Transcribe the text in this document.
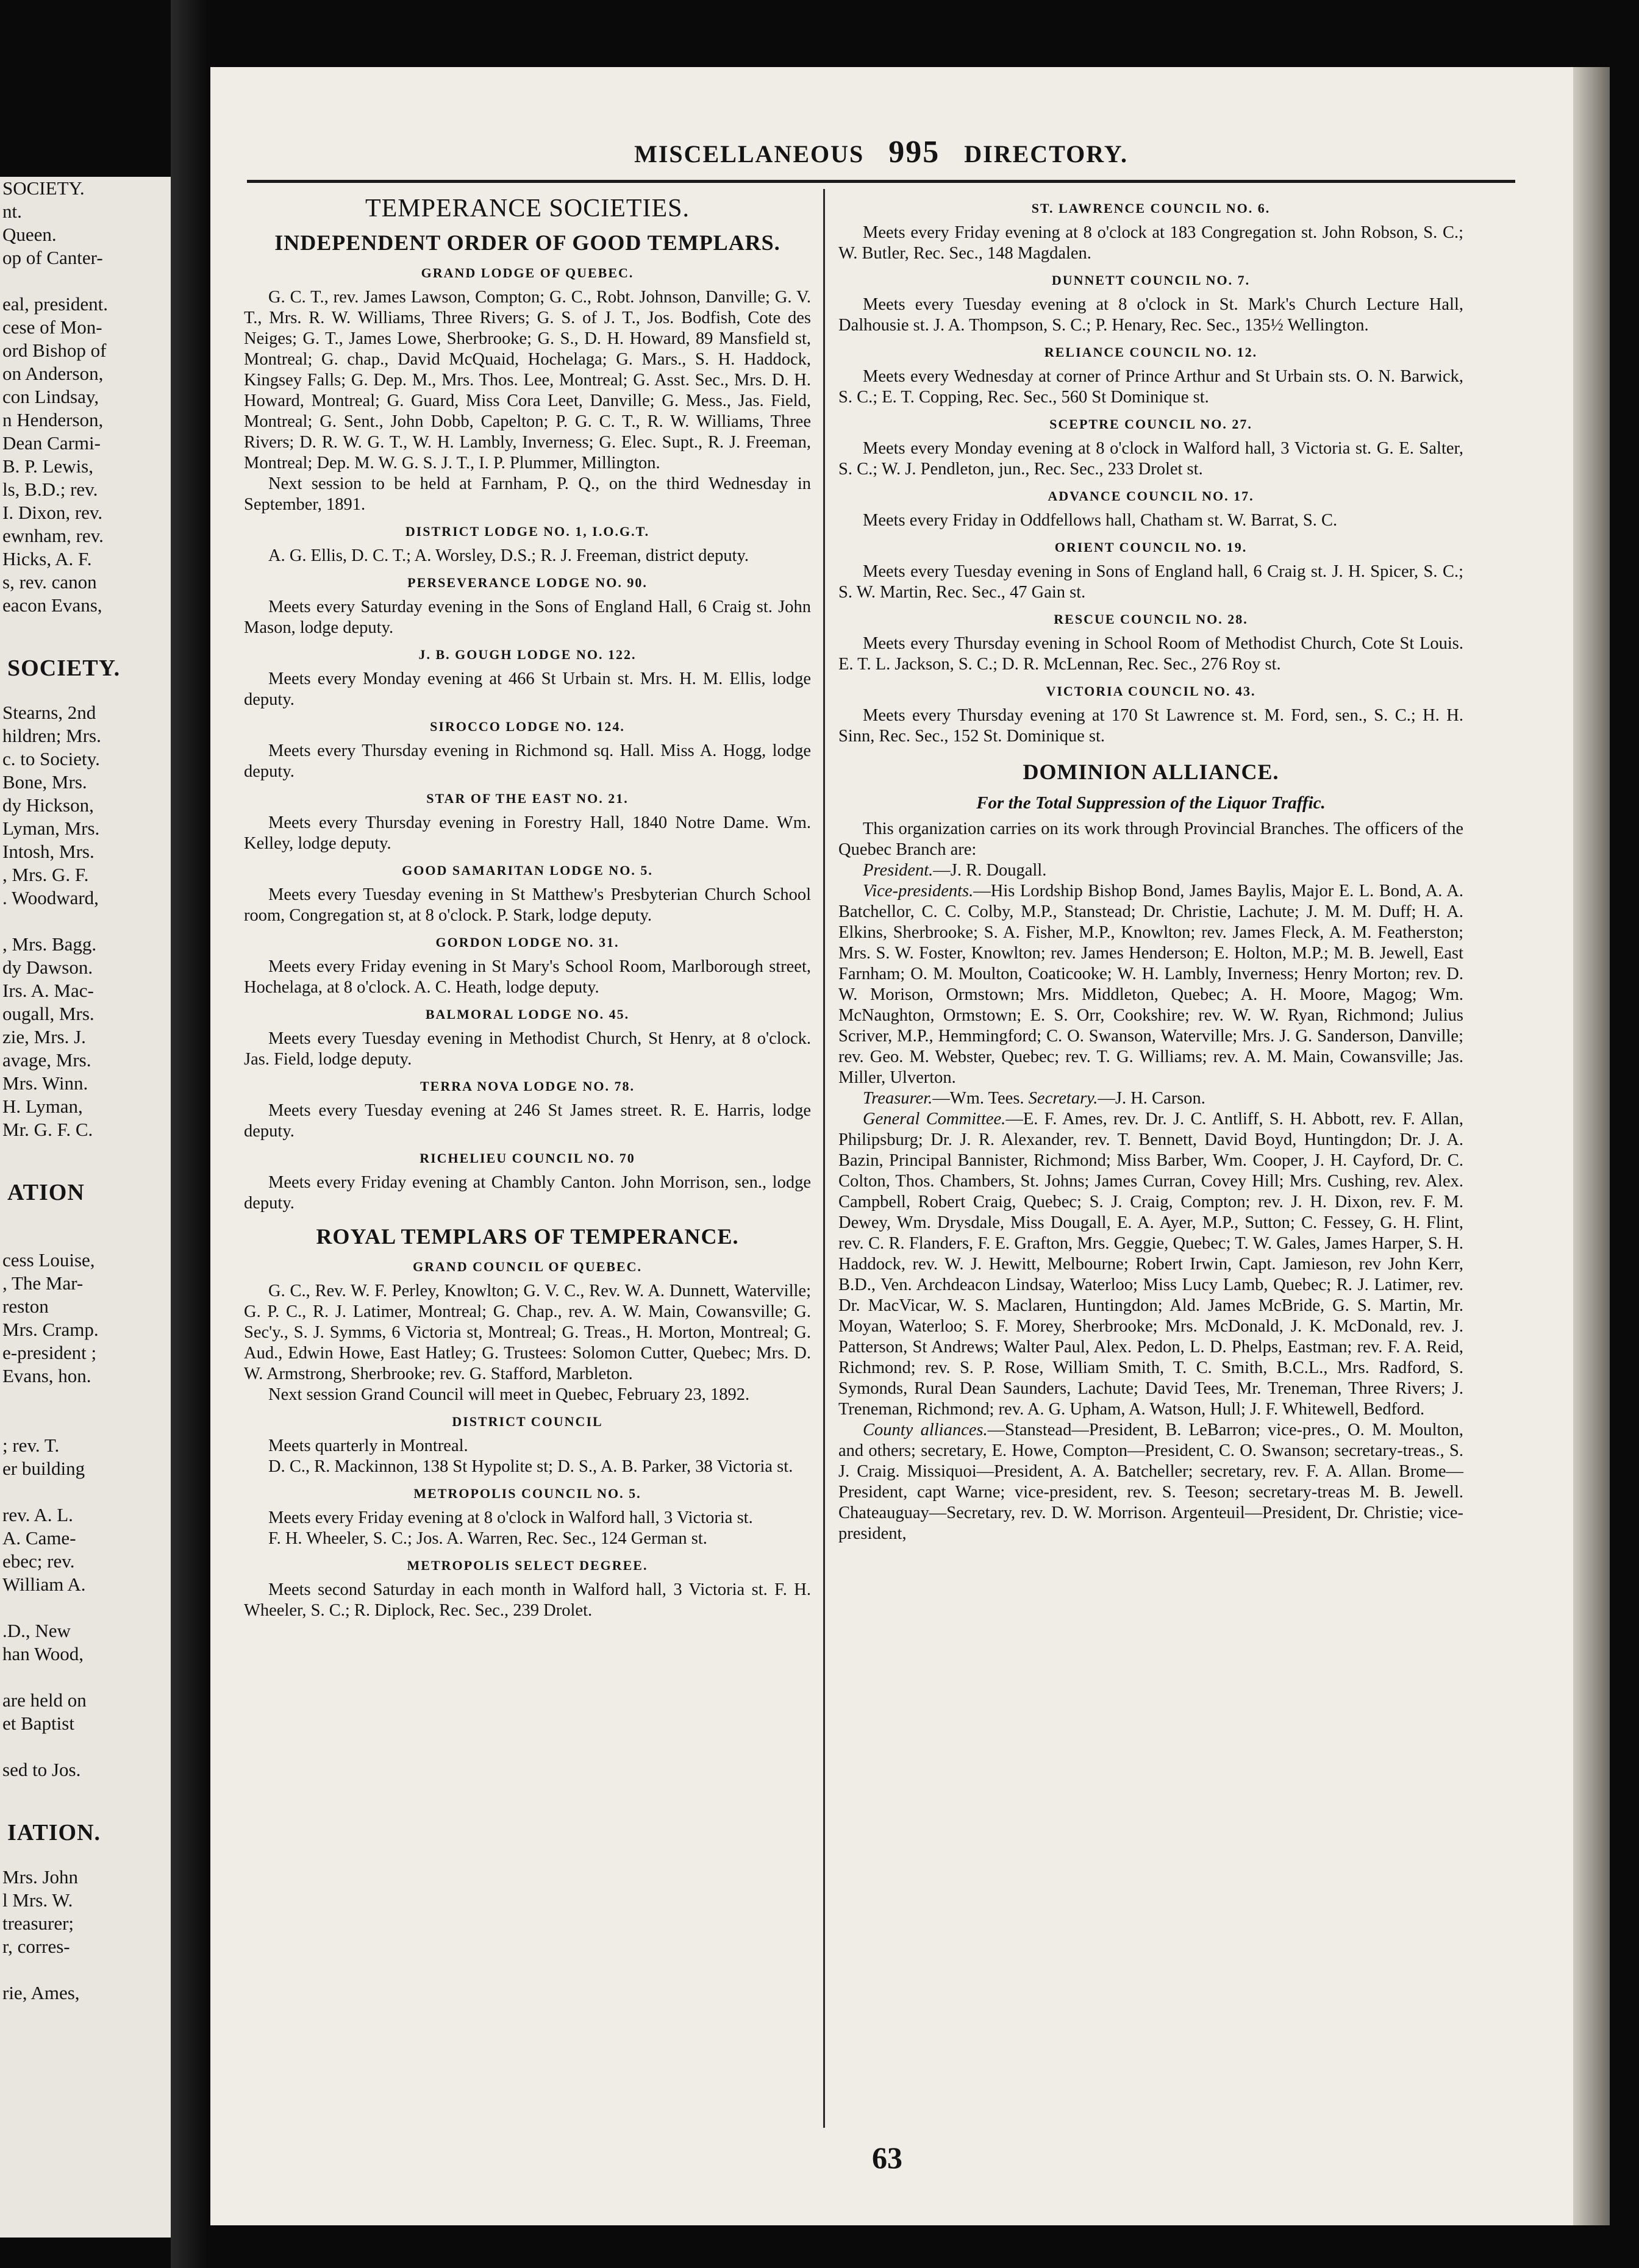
SOCIETY.
nt.
Queen.
op of Canter-
eal, president.
cese of Mon-
ord Bishop of
on Anderson,
con Lindsay,
n Henderson,
Dean Carmi-
B. P. Lewis,
ls, B.D.; rev.
I. Dixon, rev.
ewnham, rev.
Hicks, A. F.
s, rev. canon
eacon Evans,
SOCIETY.
Stearns, 2nd
hildren; Mrs.
c. to Society.
Bone, Mrs.
dy Hickson,
Lyman, Mrs.
Intosh, Mrs.
, Mrs. G. F.
. Woodward,
, Mrs. Bagg.
dy Dawson.
Irs. A. Mac-
ougall, Mrs.
zie, Mrs. J.
avage, Mrs.
Mrs. Winn.
H. Lyman,
Mr. G. F. C.
ATION
cess Louise,
, The Mar-
reston
Mrs. Cramp.
e-president ;
Evans, hon.
; rev. T.
er building
rev. A. L.
A. Came-
ebec; rev.
William A.
.D., New
han Wood,
are held on
et Baptist
sed to Jos.
IATION.
Mrs. John
l Mrs. W.
treasurer;
r, corres-
rie, Ames,
MISCELLANEOUS 995 DIRECTORY.
TEMPERANCE SOCIETIES.
INDEPENDENT ORDER OF GOOD TEMPLARS.
GRAND LODGE OF QUEBEC.

G. C. T., rev. James Lawson, Compton; G. C., Robt. Johnson, Danville; G. V. T., Mrs. R. W. Williams, Three Rivers; G. S. of J. T., Jos. Bodfish, Cote des Neiges; G. T., James Lowe, Sherbrooke; G. S., D. H. Howard, 89 Mansfield st, Montreal; G. chap., David McQuaid, Hochelaga; G. Mars., S. H. Haddock, Kingsey Falls; G. Dep. M., Mrs. Thos. Lee, Montreal; G. Asst. Sec., Mrs. D. H. Howard, Montreal; G. Guard, Miss Cora Leet, Danville; G. Mess., Jas. Field, Montreal; G. Sent., John Dobb, Capelton; P. G. C. T., R. W. Williams, Three Rivers; D. R. W. G. T., W. H. Lambly, Inverness; G. Elec. Supt., R. J. Freeman, Montreal; Dep. M. W. G. S. J. T., I. P. Plummer, Millington.

Next session to be held at Farnham, P. Q., on the third Wednesday in September, 1891.

DISTRICT LODGE NO. 1, I.O.G.T.

A. G. Ellis, D. C. T.; A. Worsley, D.S.; R. J. Freeman, district deputy.

PERSEVERANCE LODGE NO. 90.

Meets every Saturday evening in the Sons of England Hall, 6 Craig st. John Mason, lodge deputy.

J. B. GOUGH LODGE NO. 122.

Meets every Monday evening at 466 St Urbain st. Mrs. H. M. Ellis, lodge deputy.

SIROCCO LODGE NO. 124.

Meets every Thursday evening in Richmond sq. Hall. Miss A. Hogg, lodge deputy.

STAR OF THE EAST NO. 21.

Meets every Thursday evening in Forestry Hall, 1840 Notre Dame. Wm. Kelley, lodge deputy.

GOOD SAMARITAN LODGE NO. 5.

Meets every Tuesday evening in St Matthew's Presbyterian Church School room, Congregation st, at 8 o'clock. P. Stark, lodge deputy.

GORDON LODGE NO. 31.

Meets every Friday evening in St Mary's School Room, Marlborough street, Hochelaga, at 8 o'clock. A. C. Heath, lodge deputy.

BALMORAL LODGE NO. 45.

Meets every Tuesday evening in Methodist Church, St Henry, at 8 o'clock. Jas. Field, lodge deputy.

TERRA NOVA LODGE NO. 78.

Meets every Tuesday evening at 246 St James street. R. E. Harris, lodge deputy.

RICHELIEU COUNCIL NO. 70

Meets every Friday evening at Chambly Canton. John Morrison, sen., lodge deputy.

ROYAL TEMPLARS OF TEMPERANCE.
GRAND COUNCIL OF QUEBEC.

G. C., Rev. W. F. Perley, Knowlton; G. V. C., Rev. W. A. Dunnett, Waterville; G. P. C., R. J. Latimer, Montreal; G. Chap., rev. A. W. Main, Cowansville; G. Sec'y., S. J. Symms, 6 Victoria st, Montreal; G. Treas., H. Morton, Montreal; G. Aud., Edwin Howe, East Hatley; G. Trustees: Solomon Cutter, Quebec; Mrs. D. W. Armstrong, Sherbrooke; rev. G. Stafford, Marbleton.

Next session Grand Council will meet in Quebec, February 23, 1892.

DISTRICT COUNCIL

Meets quarterly in Montreal.

D. C., R. Mackinnon, 138 St Hypolite st; D. S., A. B. Parker, 38 Victoria st.

METROPOLIS COUNCIL NO. 5.

Meets every Friday evening at 8 o'clock in Walford hall, 3 Victoria st.

F. H. Wheeler, S. C.; Jos. A. Warren, Rec. Sec., 124 German st.

METROPOLIS SELECT DEGREE.

Meets second Saturday in each month in Walford hall, 3 Victoria st. F. H. Wheeler, S. C.; R. Diplock, Rec. Sec., 239 Drolet.

ST. LAWRENCE COUNCIL NO. 6.

Meets every Friday evening at 8 o'clock at 183 Congregation st. John Robson, S. C.; W. Butler, Rec. Sec., 148 Magdalen.

DUNNETT COUNCIL NO. 7.

Meets every Tuesday evening at 8 o'clock in St. Mark's Church Lecture Hall, Dalhousie st. J. A. Thompson, S. C.; P. Henary, Rec. Sec., 135½ Wellington.

RELIANCE COUNCIL NO. 12.

Meets every Wednesday at corner of Prince Arthur and St Urbain sts. O. N. Barwick, S. C.; E. T. Copping, Rec. Sec., 560 St Dominique st.

SCEPTRE COUNCIL NO. 27.

Meets every Monday evening at 8 o'clock in Walford hall, 3 Victoria st. G. E. Salter, S. C.; W. J. Pendleton, jun., Rec. Sec., 233 Drolet st.

ADVANCE COUNCIL NO. 17.

Meets every Friday in Oddfellows hall, Chatham st. W. Barrat, S. C.

ORIENT COUNCIL NO. 19.

Meets every Tuesday evening in Sons of England hall, 6 Craig st. J. H. Spicer, S. C.; S. W. Martin, Rec. Sec., 47 Gain st.

RESCUE COUNCIL NO. 28.

Meets every Thursday evening in School Room of Methodist Church, Cote St Louis. E. T. L. Jackson, S. C.; D. R. McLennan, Rec. Sec., 276 Roy st.

VICTORIA COUNCIL NO. 43.

Meets every Thursday evening at 170 St Lawrence st. M. Ford, sen., S. C.; H. H. Sinn, Rec. Sec., 152 St. Dominique st.

DOMINION ALLIANCE.
For the Total Suppression of the Liquor Traffic.

This organization carries on its work through Provincial Branches. The officers of the Quebec Branch are:

President.—J. R. Dougall.

Vice-presidents.—His Lordship Bishop Bond, James Baylis, Major E. L. Bond, A. A. Batchellor, C. C. Colby, M.P., Stanstead; Dr. Christie, Lachute; J. M. M. Duff; H. A. Elkins, Sherbrooke; S. A. Fisher, M.P., Knowlton; rev. James Fleck, A. M. Featherston; Mrs. S. W. Foster, Knowlton; rev. James Henderson; E. Holton, M.P.; M. B. Jewell, East Farnham; O. M. Moulton, Coaticooke; W. H. Lambly, Inverness; Henry Morton; rev. D. W. Morison, Ormstown; Mrs. Middleton, Quebec; A. H. Moore, Magog; Wm. McNaughton, Ormstown; E. S. Orr, Cookshire; rev. W. W. Ryan, Richmond; Julius Scriver, M.P., Hemmingford; C. O. Swanson, Waterville; Mrs. J. G. Sanderson, Danville; rev. Geo. M. Webster, Quebec; rev. T. G. Williams; rev. A. M. Main, Cowansville; Jas. Miller, Ulverton.

Treasurer.—Wm. Tees. Secretary.—J. H. Carson.

General Committee.—E. F. Ames, rev. Dr. J. C. Antliff, S. H. Abbott, rev. F. Allan, Philipsburg; Dr. J. R. Alexander, rev. T. Bennett, David Boyd, Huntingdon; Dr. J. A. Bazin, Principal Bannister, Richmond; Miss Barber, Wm. Cooper, J. H. Cayford, Dr. C. Colton, Thos. Chambers, St. Johns; James Curran, Covey Hill; Mrs. Cushing, rev. Alex. Campbell, Robert Craig, Quebec; S. J. Craig, Compton; rev. J. H. Dixon, rev. F. M. Dewey, Wm. Drysdale, Miss Dougall, E. A. Ayer, M.P., Sutton; C. Fessey, G. H. Flint, rev. C. R. Flanders, F. E. Grafton, Mrs. Geggie, Quebec; T. W. Gales, James Harper, S. H. Haddock, rev. W. J. Hewitt, Melbourne; Robert Irwin, Capt. Jamieson, rev John Kerr, B.D., Ven. Archdeacon Lindsay, Waterloo; Miss Lucy Lamb, Quebec; R. J. Latimer, rev. Dr. MacVicar, W. S. Maclaren, Huntingdon; Ald. James McBride, G. S. Martin, Mr. Moyan, Waterloo; S. F. Morey, Sherbrooke; Mrs. McDonald, J. K. McDonald, rev. J. Patterson, St Andrews; Walter Paul, Alex. Pedon, L. D. Phelps, Eastman; rev. F. A. Reid, Richmond; rev. S. P. Rose, William Smith, T. C. Smith, B.C.L., Mrs. Radford, S. Symonds, Rural Dean Saunders, Lachute; David Tees, Mr. Treneman, Three Rivers; J. Treneman, Richmond; rev. A. G. Upham, A. Watson, Hull; J. F. Whitewell, Bedford.

County alliances.—Stanstead—President, B. LeBarron; vice-pres., O. M. Moulton, and others; secretary, E. Howe, Compton—President, C. O. Swanson; secretary-treas., S. J. Craig. Missiquoi—President, A. A. Batcheller; secretary, rev. F. A. Allan. Brome—President, capt Warne; vice-president, rev. S. Teeson; secretary-treas M. B. Jewell. Chateauguay—Secretary, rev. D. W. Morrison. Argenteuil—President, Dr. Christie; vice-president,

63
